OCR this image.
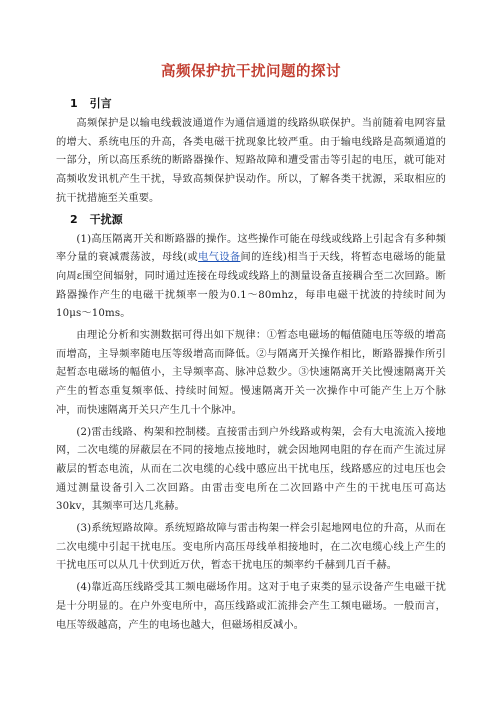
高频保护抗干扰问题的探讨
1 引言

高频保护是以输电线载波通道作为通信通道的线路纵联保护。当前随着电网容量的增大、系统电压的升高，各类电磁干扰现象比较严重。由于输电线路是高频通道的一部分，所以高压系统的断路器操作、短路故障和遭受雷击等引起的电压，就可能对高频收发讯机产生干扰，导致高频保护误动作。所以，了解各类干扰源，采取相应的抗干扰措施至关重要。

2 干扰源

(1)高压隔离开关和断路器的操作。这些操作可能在母线或线路上引起含有多种频率分量的衰减震荡波，母线(或电气设备间的连线)相当于天线，将暂态电磁场的能量向周ε围空间辐射，同时通过连接在母线或线路上的测量设备直接耦合至二次回路。断路器操作产生的电磁干扰频率一般为0.1～80mhz，每串电磁干扰波的持续时间为10μs～10ms。

由理论分析和实测数据可得出如下规律：①暂态电磁场的幅值随电压等级的增高而增高，主导频率随电压等级增高而降低。②与隔离开关操作相比，断路器操作所引起暂态电磁场的幅值小，主导频率高、脉冲总数少。③快速隔离开关比慢速隔离开关产生的暂态重复频率低、持续时间短。慢速隔离开关一次操作中可能产生上万个脉冲，而快速隔离开关只产生几十个脉冲。

(2)雷击线路、构架和控制楼。直接雷击到户外线路或构架，会有大电流流入接地网，二次电缆的屏蔽层在不同的接地点接地时，就会因地网电阻的存在而产生流过屏蔽层的暂态电流，从而在二次电缆的心线中感应出干扰电压，线路感应的过电压也会通过测量设备引入二次回路。由雷击变电所在二次回路中产生的干扰电压可高达30kv，其频率可达几兆赫。

(3)系统短路故障。系统短路故障与雷击构架一样会引起地网电位的升高，从而在二次电缆中引起干扰电压。变电所内高压母线单相接地时，在二次电缆心线上产生的干扰电压可以从几十伏到近万伏，暂态干扰电压的频率约千赫到几百千赫。

(4)靠近高压线路受其工频电磁场作用。这对于电子束类的显示设备产生电磁干扰是十分明显的。在户外变电所中，高压线路或汇流排会产生工频电磁场。一般而言，电压等级越高，产生的电场也越大，但磁场相反减小。
